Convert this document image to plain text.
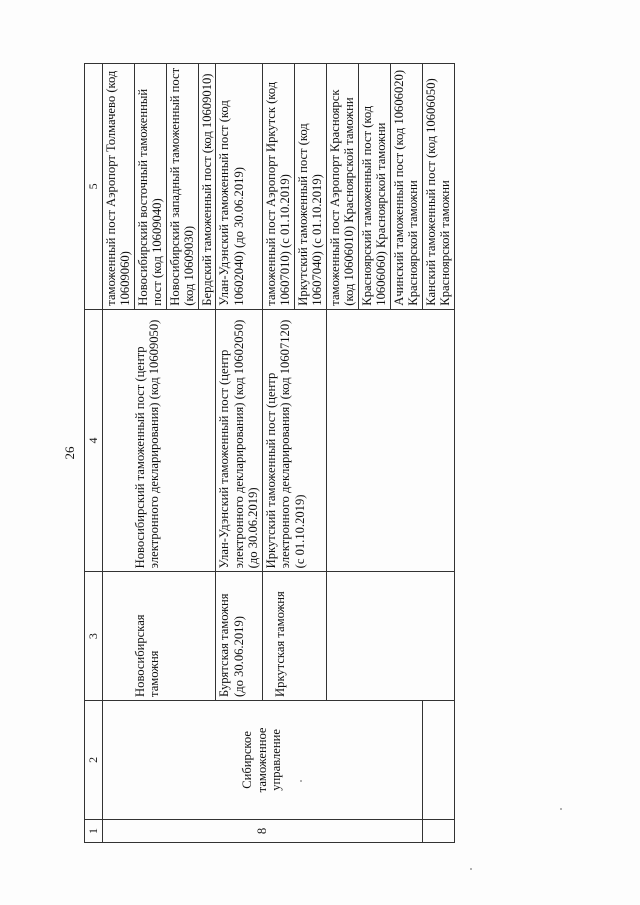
26
1	2	3	4	5
8	Сибирское таможенное управление	Новосибирская таможня	Новосибирский таможенный пост (центр электронного декларирования) (код 10609050)	таможенный пост Аэропорт Толмачево (код 10609060)
				Новосибирский восточный таможенный пост (код 10609040)
				Новосибирский западный таможенный пост (код 10609030)
				Бердский таможенный пост (код 10609010)
		Бурятская таможня (до 30.06.2019)	Улан-Удэнский таможенный пост (центр электронного декларирования) (код 10602050) (до 30.06.2019)	Улан-Удэнский таможенный пост (код 10602040) (до 30.06.2019)
		Иркутская таможня	Иркутский таможенный пост (центр электронного декларирования) (код 10607120) (с 01.10.2019)	таможенный пост Аэропорт Иркутск (код 10607010) (с 01.10.2019)
				Иркутский таможенный пост (код 10607040) (с 01.10.2019)
				таможенный пост Аэропорт Красноярск (код 10606010) Красноярской таможни
				Красноярский таможенный пост (код 10606060) Красноярской таможни
				Ачинский таможенный пост (код 10606020) Красноярской таможни
				Канский таможенный пост (код 10606050) Красноярской таможни
